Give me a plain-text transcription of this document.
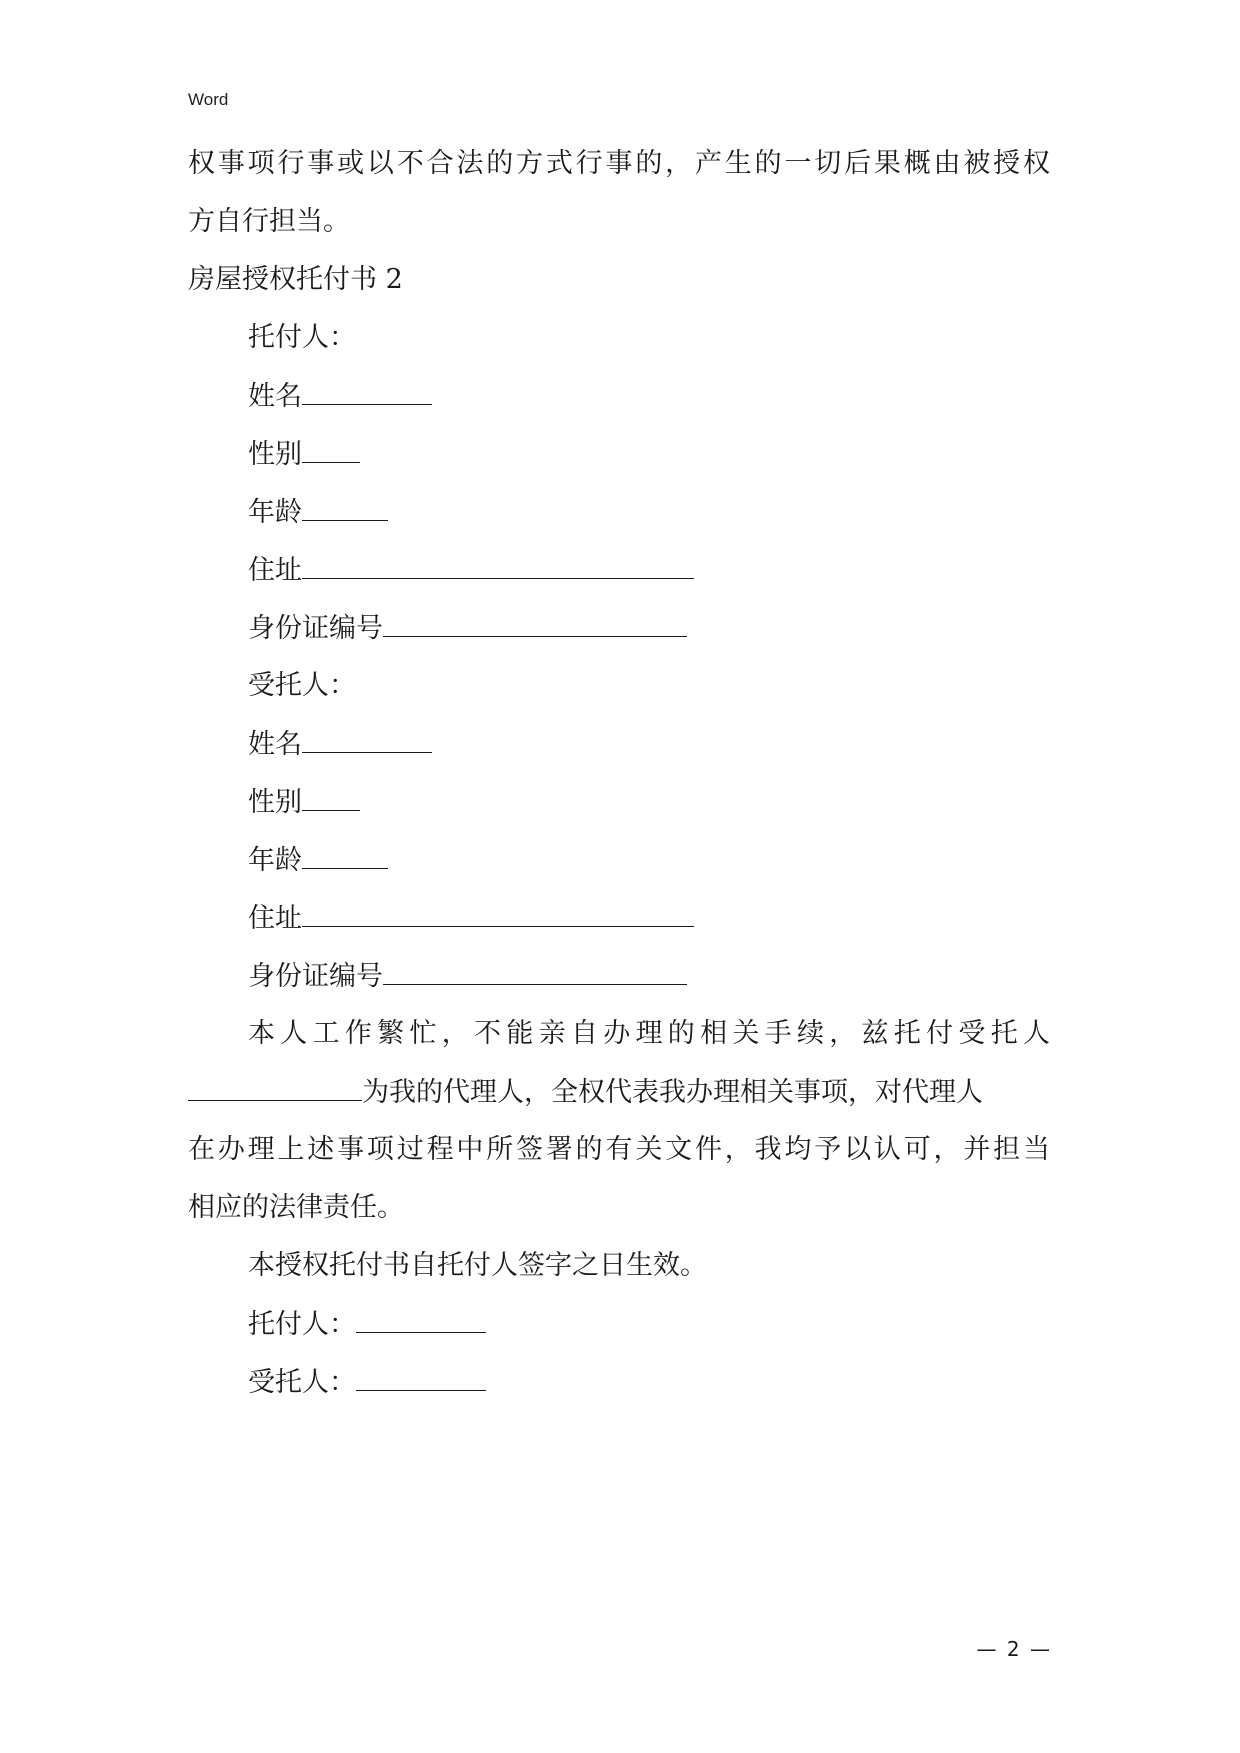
Word
权事项行事或以不合法的方式行事的，产生的一切后果概由被授权
方自行担当。
房屋授权托付书 2
托付人：
姓名
性别
年龄
住址
身份证编号
受托人：
姓名
性别
年龄
住址
身份证编号
本人工作繁忙，不能亲自办理的相关手续，兹托付受托人
为我的代理人，全权代表我办理相关事项，对代理人
在办理上述事项过程中所签署的有关文件，我均予以认可，并担当
相应的法律责任。
本授权托付书自托付人签字之日生效。
托付人：
受托人：
— 2 —
